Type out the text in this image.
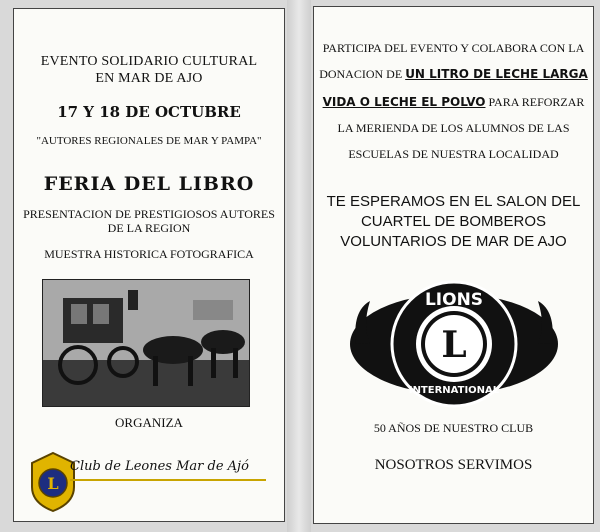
EVENTO SOLIDARIO CULTURAL
EN MAR DE AJO
17 Y 18 DE OCTUBRE
"AUTORES REGIONALES DE MAR Y PAMPA"
FERIA DEL LIBRO
PRESENTACION DE PRESTIGIOSOS AUTORES
DE LA REGION
MUESTRA HISTORICA FOTOGRAFICA
ORGANIZA
L
Club de Leones Mar de Ajó
PARTICIPA DEL EVENTO Y COLABORA CON LA
DONACION DE UN LITRO DE LECHE LARGA
VIDA O LECHE EL POLVO PARA REFORZAR
LA MERIENDA DE LOS ALUMNOS DE LAS
ESCUELAS DE NUESTRA LOCALIDAD
TE ESPERAMOS EN EL SALON DEL
CUARTEL DE BOMBEROS
VOLUNTARIOS DE MAR DE AJO
L
LIONS
INTERNATIONAL
50 AÑOS DE NUESTRO CLUB
NOSOTROS SERVIMOS
